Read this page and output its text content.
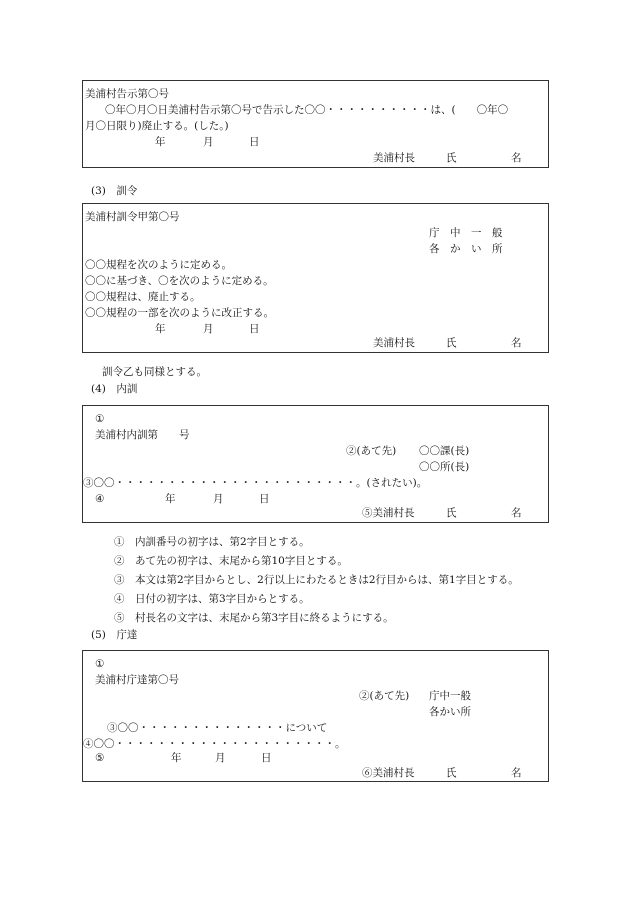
美浦村告示第〇号
〇年〇月〇日美浦村告示第〇号で告示した〇〇・・・・・・・・・・は、(　　〇年〇
月〇日限り)廃止する。(した。)
年	月	日
美浦村長	氏	名
(3)　訓令
美浦村訓令甲第〇号
庁　中　一　般
各　か　い　所
〇〇規程を次のように定める。
〇〇に基づき、〇を次のように定める。
〇〇規程は、廃止する。
〇〇規程の一部を次のように改正する。
年	月	日
美浦村長	氏	名
訓令乙も同様とする。
(4)　内訓
①
美浦村内訓第　　号
②(あて先) 〇〇課(長)
〇〇所(長)
③〇〇・・・・・・・・・・・・・・・・・・・・・・・。(されたい)。
④	年	月	日
⑤美浦村長	氏	名
①　内訓番号の初字は、第2字目とする。
②　あて先の初字は、末尾から第10字目とする。
③　本文は第2字目からとし、2行以上にわたるときは2行目からは、第1字目とする。
④　日付の初字は、第3字目からとする。
⑤　村長名の文字は、末尾から第3字目に終るようにする。
(5)　庁達
①
美浦村庁達第〇号
②(あて先) 庁中一般
各かい所
③〇〇・・・・・・・・・・・・・・について
④〇〇・・・・・・・・・・・・・・・・・・・・・。
⑤	年	月	日
⑥美浦村長	氏	名
